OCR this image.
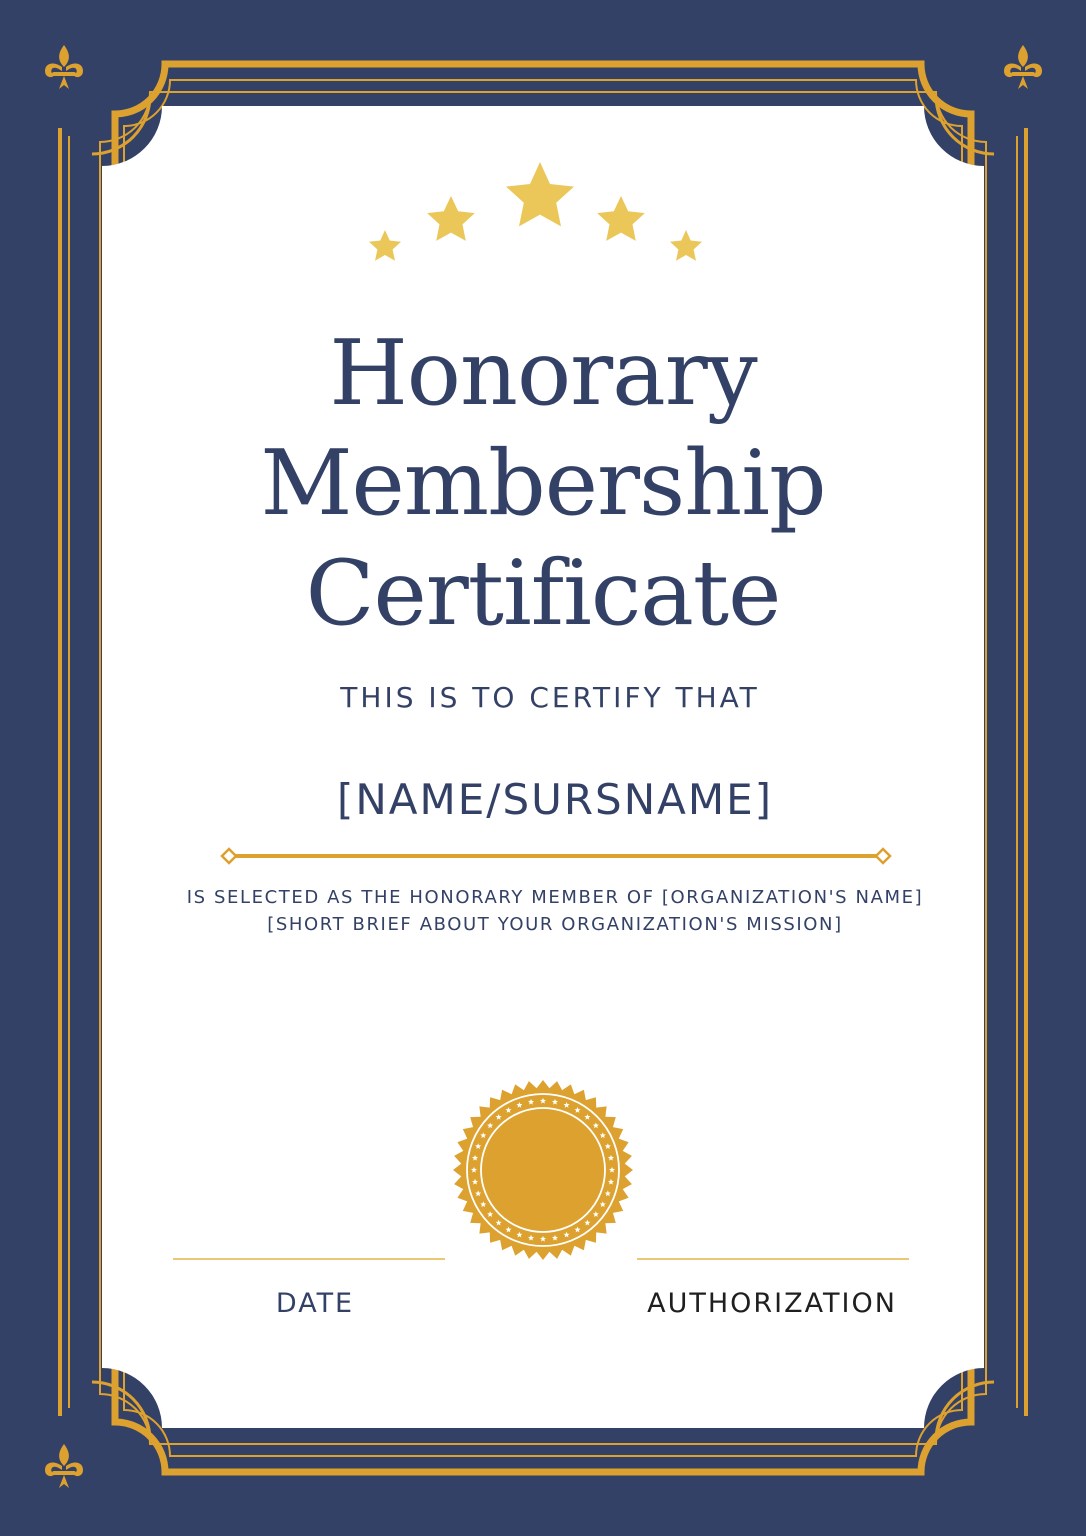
Honorary
Membership
Certificate
THIS IS TO CERTIFY THAT
[NAME/SURSNAME]
IS SELECTED AS THE HONORARY MEMBER OF [ORGANIZATION'S NAME]
[SHORT BRIEF ABOUT YOUR ORGANIZATION'S MISSION]
DATE	AUTHORIZATION
